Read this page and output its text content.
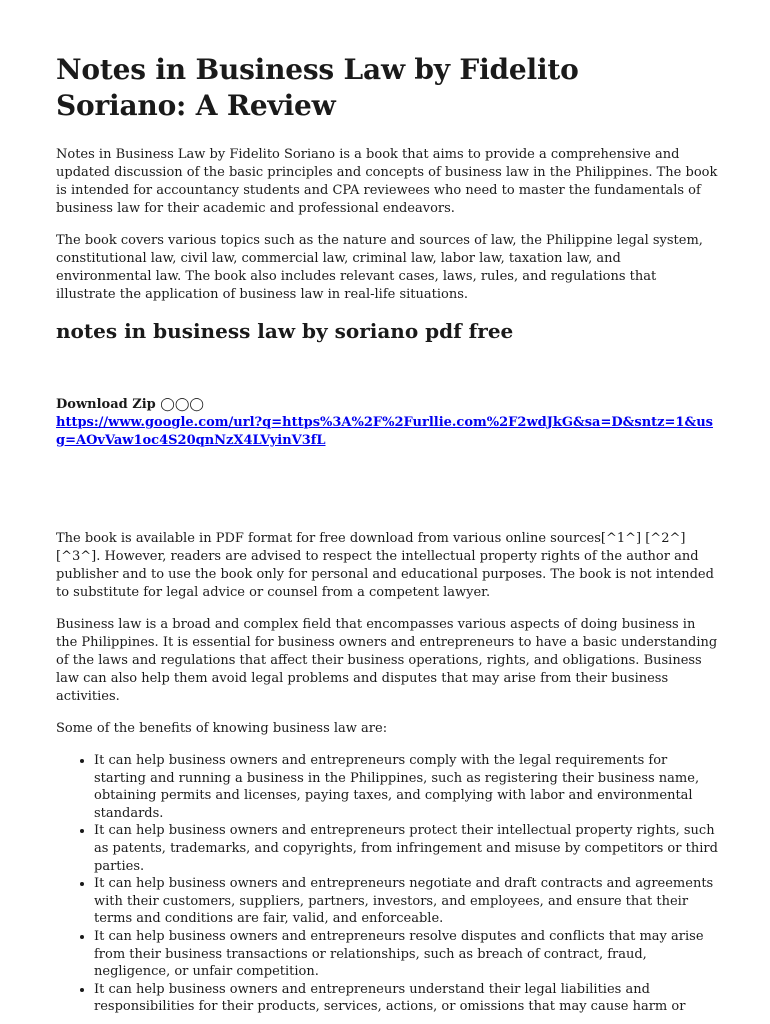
Notes in Business Law by Fidelito Soriano: A Review

Notes in Business Law by Fidelito Soriano is a book that aims to provide a comprehensive and updated discussion of the basic principles and concepts of business law in the Philippines. The book is intended for accountancy students and CPA reviewees who need to master the fundamentals of business law for their academic and professional endeavors.

The book covers various topics such as the nature and sources of law, the Philippine legal system, constitutional law, civil law, commercial law, criminal law, labor law, taxation law, and environmental law. The book also includes relevant cases, laws, rules, and regulations that illustrate the application of business law in real-life situations.

notes in business law by soriano pdf free
Download Zip ◯◯◯
https://www.google.com/url?q=https%3A%2F%2Furllie.com%2F2wdJkG&sa=D&sntz=1&usg=AOvVaw1oc4S20qnNzX4LVyinV3fL

The book is available in PDF format for free download from various online sources[^1^] [^2^] [^3^]. However, readers are advised to respect the intellectual property rights of the author and publisher and to use the book only for personal and educational purposes. The book is not intended to substitute for legal advice or counsel from a competent lawyer.

Business law is a broad and complex field that encompasses various aspects of doing business in the Philippines. It is essential for business owners and entrepreneurs to have a basic understanding of the laws and regulations that affect their business operations, rights, and obligations. Business law can also help them avoid legal problems and disputes that may arise from their business activities.

Some of the benefits of knowing business law are:

• It can help business owners and entrepreneurs comply with the legal requirements for starting and running a business in the Philippines, such as registering their business name, obtaining permits and licenses, paying taxes, and complying with labor and environmental standards.
• It can help business owners and entrepreneurs protect their intellectual property rights, such as patents, trademarks, and copyrights, from infringement and misuse by competitors or third parties.
• It can help business owners and entrepreneurs negotiate and draft contracts and agreements with their customers, suppliers, partners, investors, and employees, and ensure that their terms and conditions are fair, valid, and enforceable.
• It can help business owners and entrepreneurs resolve disputes and conflicts that may arise from their business transactions or relationships, such as breach of contract, fraud, negligence, or unfair competition.
• It can help business owners and entrepreneurs understand their legal liabilities and responsibilities for their products, services, actions, or omissions that may cause harm or
